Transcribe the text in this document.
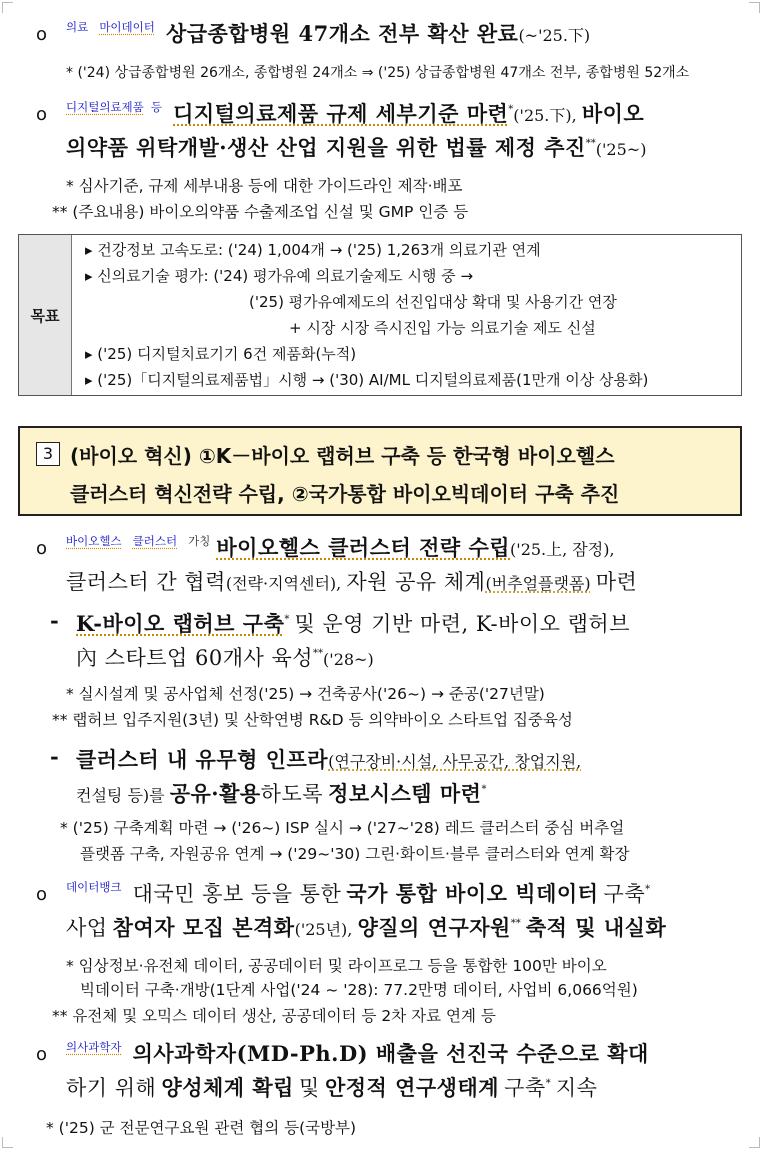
o $^{의료}$ $^{마이데이터}$ 상급종합병원 47개소 전부 확산 완료(~'25.下)
* ('24) 상급종합병원 26개소, 종합병원 24개소 ⇒ ('25) 상급종합병원 47개소 전부, 종합병원 52개소
o $^{디지털의료제품}$ $^등$ 디지털의료제품 규제 세부기준 마련*('25.下), 바이오
의약품 위탁개발·생산 산업 지원을 위한 법률 제정 추진**('25~)
* 심사기준, 규제 세부내용 등에 대한 가이드라인 제작·배포
** (주요내용) 바이오의약품 수출제조업 신설 및 GMP 인증 등
목표
▸ 건강정보 고속도로: ('24) 1,004개 → ('25) 1,263개 의료기관 연계
▸ 신의료기술 평가: ('24) 평가유예 의료기술제도 시행 중 →
('25) 평가유예제도의 선진입대상 확대 및 사용기간 연장
+ 시장 시장 즉시진입 가능 의료기술 제도 신설
▸ ('25) 디지털치료기기 6건 제품화(누적)
▸ ('25)「디지털의료제품법」시행 → ('30) AI/ML 디지털의료제품(1만개 이상 상용화)
3 (바이오 혁신) ①K－바이오 랩허브 구축 등 한국형 바이오헬스
클러스터 혁신전략 수립, ②국가통합 바이오빅데이터 구축 추진
o $^{바이오헬스}$ $^{클러스터}$ $^{가칭}$ 바이오헬스 클러스터 전략 수립('25.上, 잠정),
클러스터 간 협력(전략·지역센터), 자원 공유 체계(버추얼플랫폼) 마련
- K-바이오 랩허브 구축* 및 운영 기반 마련, K-바이오 랩허브
內 스타트업 60개사 육성**('28~)
* 실시설계 및 공사업체 선정('25) → 건축공사('26~) → 준공('27년말)
** 랩허브 입주지원(3년) 및 산학연병 R&D 등 의약바이오 스타트업 집중육성
- 클러스터 내 유무형 인프라(연구장비·시설, 사무공간, 창업지원,
컨설팅 등)를 공유·활용하도록 정보시스템 마련*
* ('25) 구축계획 마련 → ('26~) ISP 실시 → ('27~'28) 레드 클러스터 중심 버추얼
플랫폼 구축, 자원공유 연계 → ('29~'30) 그린·화이트·블루 클러스터와 연계 확장
o $^{데이터뱅크}$ 대국민 홍보 등을 통한 국가 통합 바이오 빅데이터 구축*
사업 참여자 모집 본격화('25년), 양질의 연구자원** 축적 및 내실화
* 임상정보·유전체 데이터, 공공데이터 및 라이프로그 등을 통합한 100만 바이오
빅데이터 구축·개방(1단계 사업('24 ~ '28): 77.2만명 데이터, 사업비 6,066억원)
** 유전체 및 오믹스 데이터 생산, 공공데이터 등 2차 자료 연계 등
o $^{의사과학자}$ 의사과학자(MD-Ph.D) 배출을 선진국 수준으로 확대
하기 위해 양성체계 확립 및 안정적 연구생태계 구축* 지속
* ('25) 군 전문연구요원 관련 협의 등(국방부)
